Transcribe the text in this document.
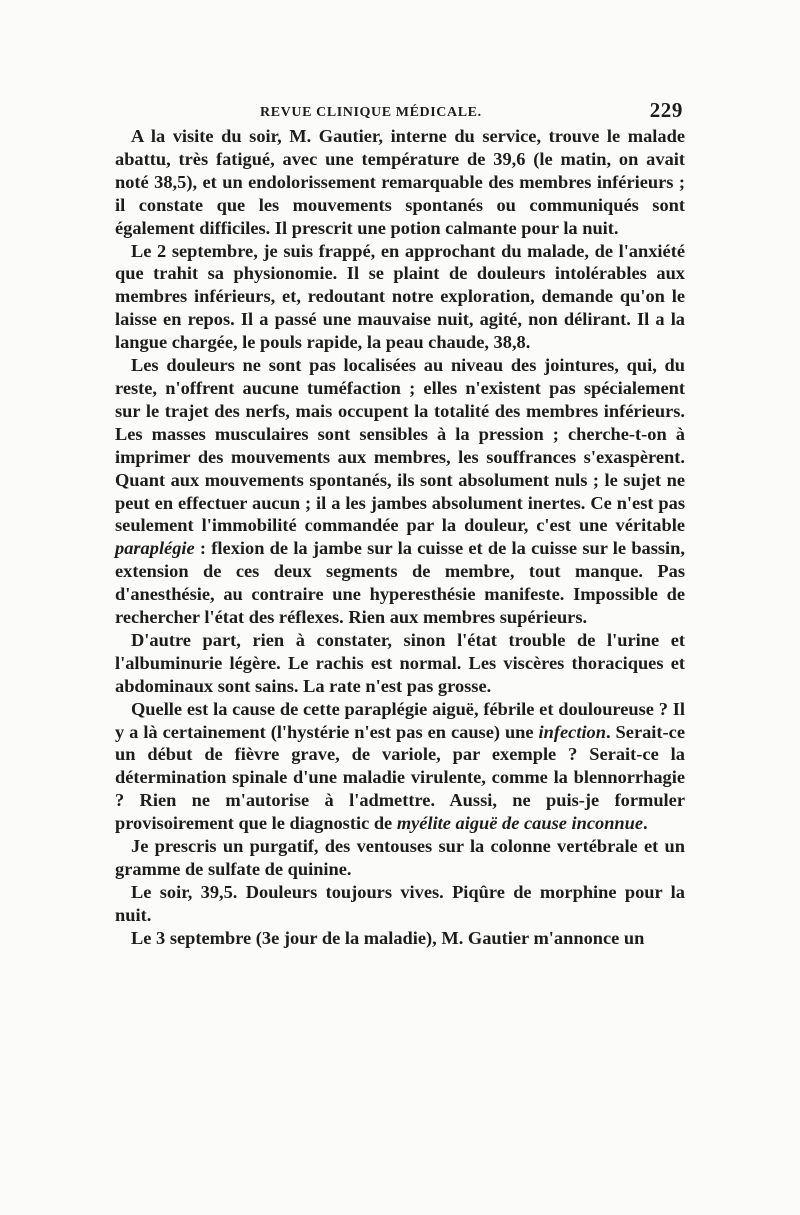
REVUE CLINIQUE MÉDICALE.	229

A la visite du soir, M. Gautier, interne du service, trouve le malade abattu, très fatigué, avec une température de 39,6 (le matin, on avait noté 38,5), et un endolorissement remarquable des membres inférieurs ; il constate que les mouvements spontanés ou communiqués sont également difficiles. Il prescrit une potion calmante pour la nuit.

Le 2 septembre, je suis frappé, en approchant du malade, de l'anxiété que trahit sa physionomie. Il se plaint de douleurs intolérables aux membres inférieurs, et, redoutant notre exploration, demande qu'on le laisse en repos. Il a passé une mauvaise nuit, agité, non délirant. Il a la langue chargée, le pouls rapide, la peau chaude, 38,8.

Les douleurs ne sont pas localisées au niveau des jointures, qui, du reste, n'offrent aucune tuméfaction ; elles n'existent pas spécialement sur le trajet des nerfs, mais occupent la totalité des membres inférieurs. Les masses musculaires sont sensibles à la pression ; cherche-t-on à imprimer des mouvements aux membres, les souffrances s'exaspèrent. Quant aux mouvements spontanés, ils sont absolument nuls ; le sujet ne peut en effectuer aucun ; il a les jambes absolument inertes. Ce n'est pas seulement l'immobilité commandée par la douleur, c'est une véritable paraplégie : flexion de la jambe sur la cuisse et de la cuisse sur le bassin, extension de ces deux segments de membre, tout manque. Pas d'anesthésie, au contraire une hyperesthésie manifeste. Impossible de rechercher l'état des réflexes. Rien aux membres supérieurs.

D'autre part, rien à constater, sinon l'état trouble de l'urine et l'albuminurie légère. Le rachis est normal. Les viscères thoraciques et abdominaux sont sains. La rate n'est pas grosse.

Quelle est la cause de cette paraplégie aiguë, fébrile et douloureuse ? Il y a là certainement (l'hystérie n'est pas en cause) une infection. Serait-ce un début de fièvre grave, de variole, par exemple ? Serait-ce la détermination spinale d'une maladie virulente, comme la blennorrhagie ? Rien ne m'autorise à l'admettre. Aussi, ne puis-je formuler provisoirement que le diagnostic de myélite aiguë de cause inconnue.

Je prescris un purgatif, des ventouses sur la colonne vertébrale et un gramme de sulfate de quinine.

Le soir, 39,5. Douleurs toujours vives. Piqûre de morphine pour la nuit.

Le 3 septembre (3e jour de la maladie), M. Gautier m'annonce un
